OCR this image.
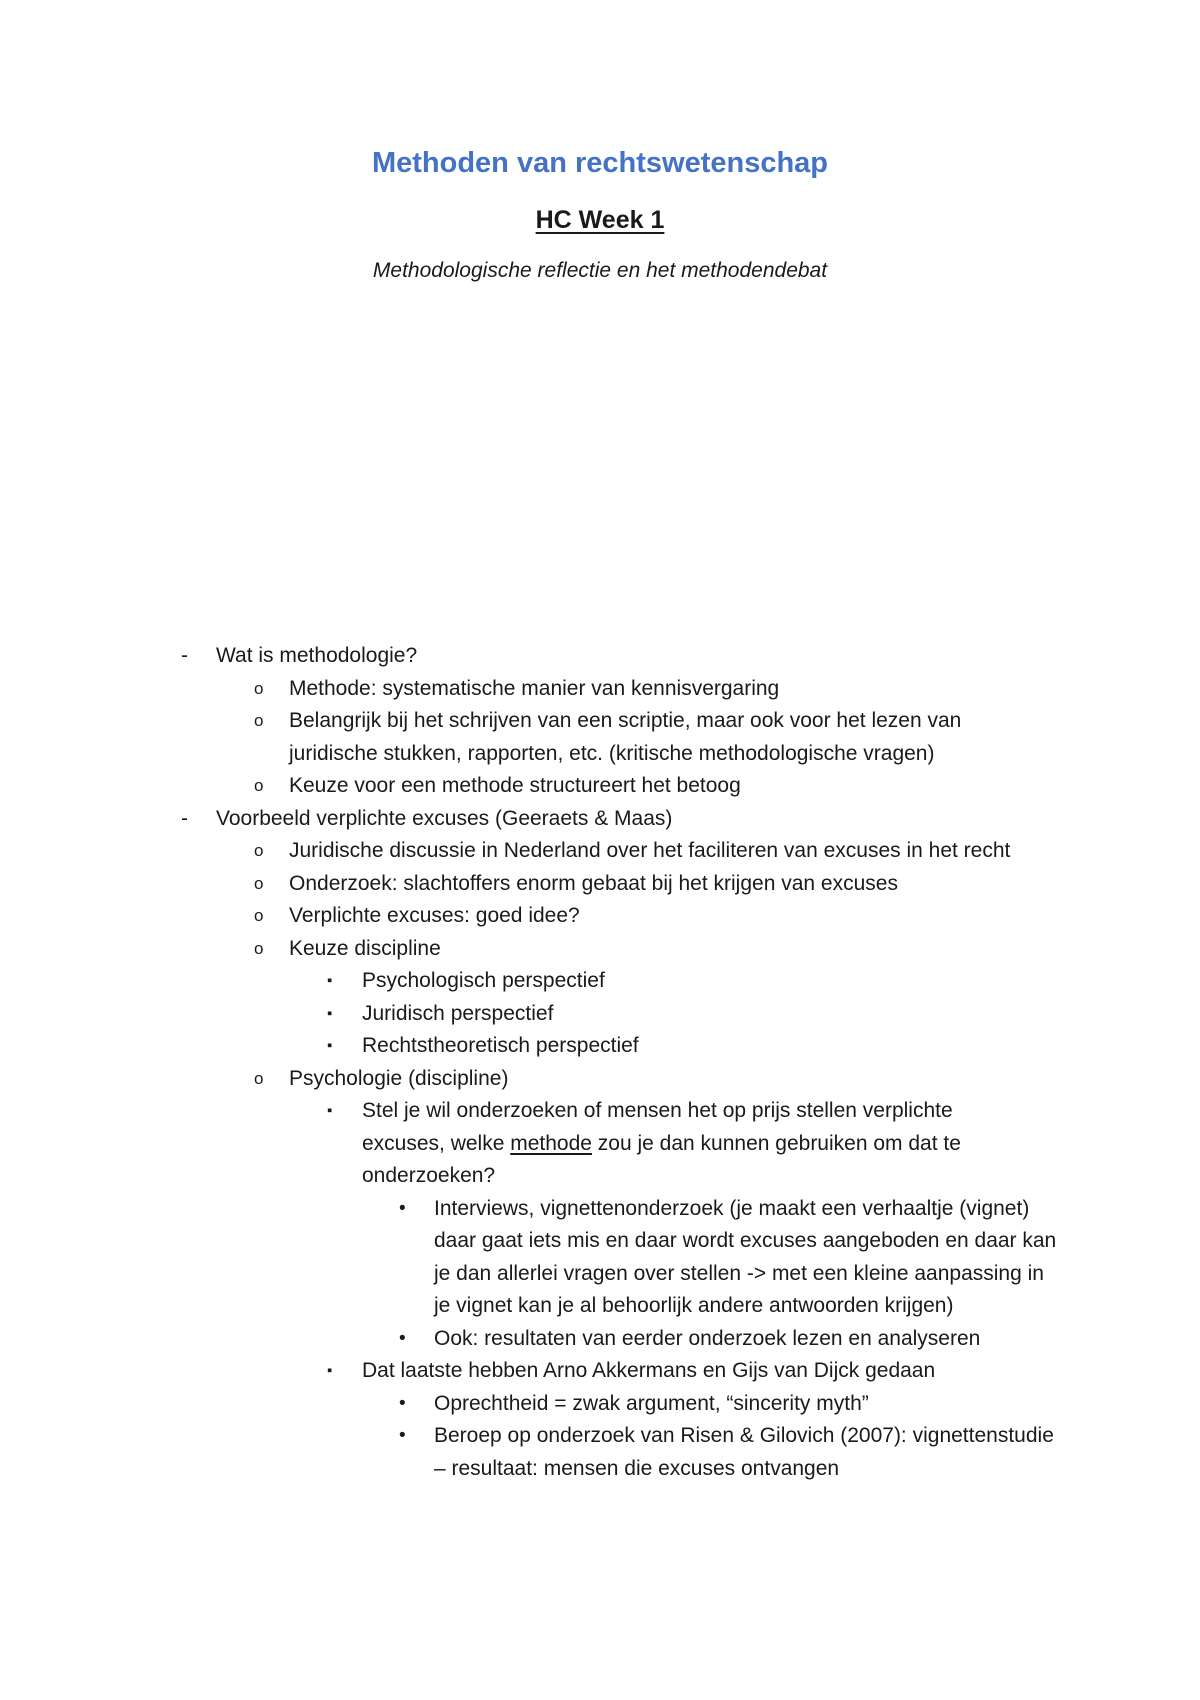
Methoden van rechtswetenschap
HC Week 1
Methodologische reflectie en het methodendebat
- Wat is methodologie?
o Methode: systematische manier van kennisvergaring
o Belangrijk bij het schrijven van een scriptie, maar ook voor het lezen van juridische stukken, rapporten, etc. (kritische methodologische vragen)
o Keuze voor een methode structureert het betoog
- Voorbeeld verplichte excuses (Geeraets & Maas)
o Juridische discussie in Nederland over het faciliteren van excuses in het recht
o Onderzoek: slachtoffers enorm gebaat bij het krijgen van excuses
o Verplichte excuses: goed idee?
o Keuze discipline
▪ Psychologisch perspectief
▪ Juridisch perspectief
▪ Rechtstheoretisch perspectief
o Psychologie (discipline)
▪ Stel je wil onderzoeken of mensen het op prijs stellen verplichte excuses, welke methode zou je dan kunnen gebruiken om dat te onderzoeken?
• Interviews, vignettenonderzoek (je maakt een verhaaltje (vignet) daar gaat iets mis en daar wordt excuses aangeboden en daar kan je dan allerlei vragen over stellen -> met een kleine aanpassing in je vignet kan je al behoorlijk andere antwoorden krijgen)
• Ook: resultaten van eerder onderzoek lezen en analyseren
▪ Dat laatste hebben Arno Akkermans en Gijs van Dijck gedaan
• Oprechtheid = zwak argument, “sincerity myth”
• Beroep op onderzoek van Risen & Gilovich (2007): vignettenstudie – resultaat: mensen die excuses ontvangen
